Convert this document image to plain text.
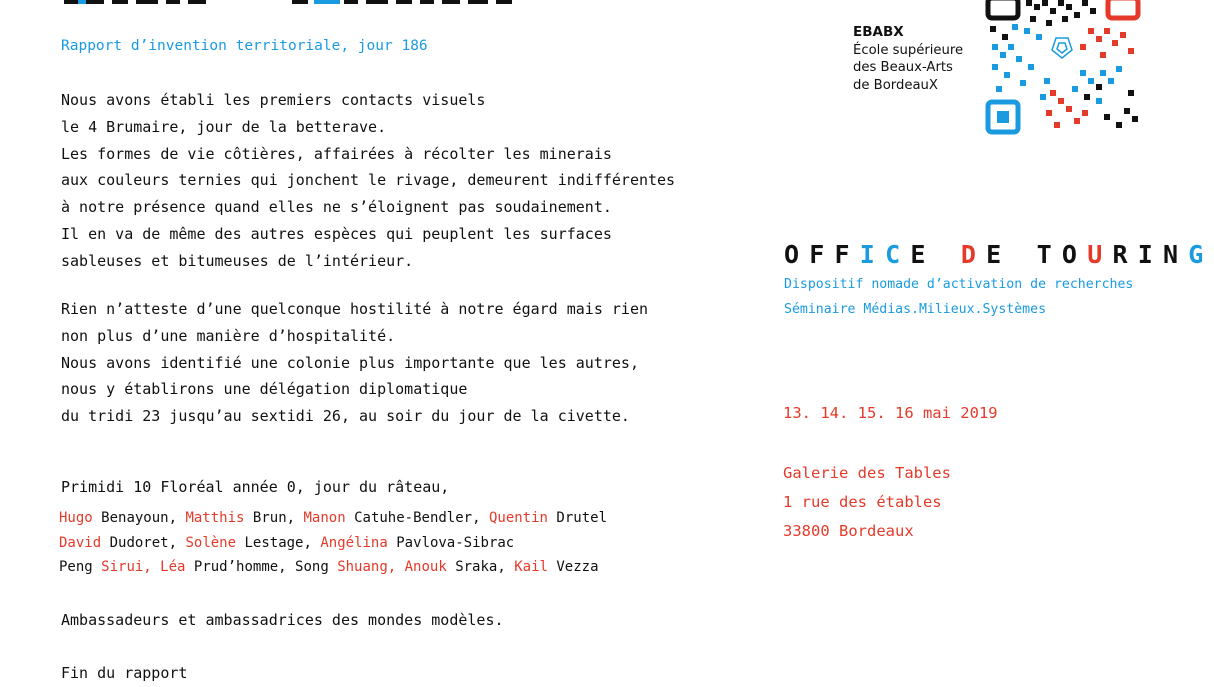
Rapport d’invention territoriale, jour 186
Nous avons établi les premiers contacts visuels
le 4 Brumaire, jour de la betterave.
Les formes de vie côtières, affairées à récolter les minerais
aux couleurs ternies qui jonchent le rivage, demeurent indifférentes
à notre présence quand elles ne s’éloignent pas soudainement.
Il en va de même des autres espèces qui peuplent les surfaces
sableuses et bitumeuses de l’intérieur.
Rien n’atteste d’une quelconque hostilité à notre égard mais rien
non plus d’une manière d’hospitalité.
Nous avons identifié une colonie plus importante que les autres,
nous y établirons une délégation diplomatique
du tridi 23 jusqu’au sextidi 26, au soir du jour de la civette.
Primidi 10 Floréal année 0, jour du râteau,
Hugo Benayoun, Matthis Brun, Manon Catuhe-Bendler, Quentin Drutel
David Dudoret, Solène Lestage, Angélina Pavlova-Sibrac
Peng Sirui, Léa Prud’homme, Song Shuang, Anouk Sraka, Kail Vezza
Ambassadeurs et ambassadrices des mondes modèles.
Fin du rapport
EBABX
École supérieure
des Beaux-Arts
de BordeauX
OFFICE DE TOURING
Dispositif nomade d’activation de recherches
Séminaire Médias.Milieux.Systèmes
13. 14. 15. 16 mai 2019
Galerie des Tables
1 rue des étables
33800 Bordeaux
